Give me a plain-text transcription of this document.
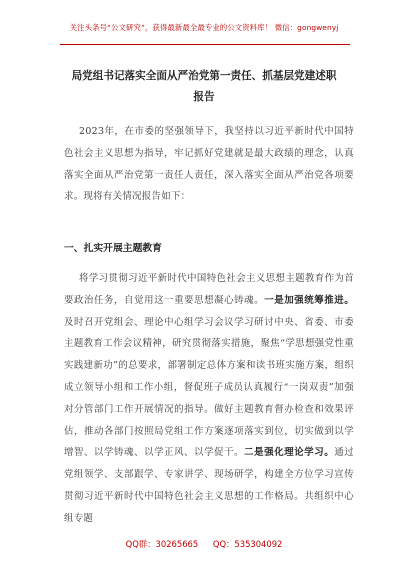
关注头条号“公文研究”，获得最新最全最专业的公文资料库！ 微信：gongwenyj
局党组书记落实全面从严治党第一责任、抓基层党建述职
报告
2023年，在市委的坚强领导下，我坚持以习近平新时代中国特色社会主义思想为指导，牢记抓好党建就是最大政绩的理念，认真落实全面从严治党第一责任人责任，深入落实全面从严治党各项要求。现将有关情况报告如下：
一、扎实开展主题教育
将学习贯彻习近平新时代中国特色社会主义思想主题教育作为首要政治任务，自觉用这一重要思想凝心铸魂。一是加强统筹推进。及时召开党组会、理论中心组学习会议学习研讨中央、省委、市委主题教育工作会议精神，研究贯彻落实措施，聚焦“学思想强党性重实践建新功”的总要求，部署制定总体方案和读书班实施方案，组织成立领导小组和工作小组，督促班子成员认真履行“一岗双责”加强对分管部门工作开展情况的指导。做好主题教育督办检查和效果评估，推动各部门按照局党组工作方案逐项落实到位，切实做到以学增智、以学铸魂、以学正风、以学促干。二是强化理论学习。通过党组领学、支部跟学、专家讲学、现场研学，构建全方位学习宣传贯彻习近平新时代中国特色社会主义思想的工作格局。共组织中心组专题
QQ群：30265665 QQ：535304092
